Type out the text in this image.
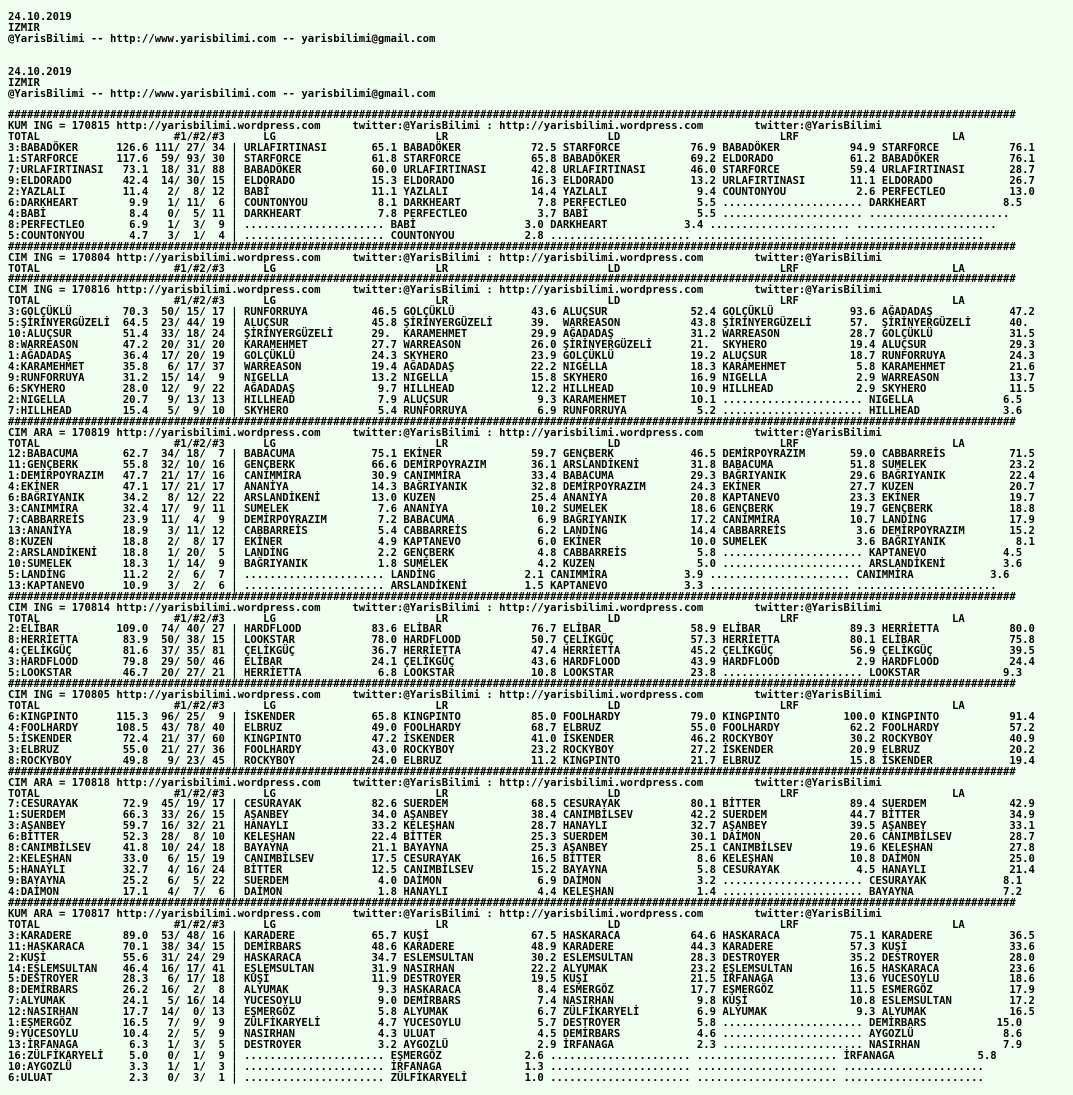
24.10.2019
IZMIR
@YarisBilimi -- http://www.yarisbilimi.com -- yarisbilimi@gmail.com

24.10.2019
IZMIR
@YarisBilimi -- http://www.yarisbilimi.com -- yarisbilimi@gmail.com

##############################################################################################################################################################
KUM ING = 170815 http://yarisbilimi.wordpress.com     twitter:@YarisBilimi : http://yarisbilimi.wordpress.com        twitter:@YarisBilimi
TOTAL                     #1/#2/#3      LG                         LR                         LD                         LRF                        LA
3:BABADÖKER      126.6 111/ 27/ 34 | URLAFIRTINASI       65.1 BABADÖKER           72.5 STARFORCE           76.9 BABADÖKER           94.9 STARFORCE           76.1
1:STARFORCE      117.6  59/ 93/ 30 | STARFORCE           61.8 STARFORCE           65.8 BABADÖKER           69.2 ELDORADO            61.2 BABADÖKER           76.1
7:URLAFIRTINASI   73.1  18/ 31/ 88 | BABADÖKER           60.0 URLAFIRTINASI       42.8 URLAFIRTINASI       46.0 STARFORCE           59.4 URLAFIRTINASI       28.7
9:ELDORADO        42.4  14/ 30/ 15 | ELDORADO            15.3 ELDORADO            16.3 ELDORADO            13.2 URLAFIRTINASI       11.1 ELDORADO            26.7
2:YAZLALI         11.4   2/  8/ 12 | BABİ                11.1 YAZLALI             14.4 YAZLALI              9.4 COUNTONYOU           2.6 PERFECTLEO          13.0
6:DARKHEART        9.9   1/ 11/  6 | COUNTONYOU           8.1 DARKHEART            7.8 PERFECTLEO           5.5 ...................... DARKHEART            8.5
4:BABİ             8.4   0/  5/ 11 | DARKHEART            7.8 PERFECTLEO           3.7 BABİ                 5.5 ...................... ......................
8:PERFECTLEO       6.9   1/  3/  9 | ...................... BABİ                 3.0 DARKHEART            3.4 ...................... ......................
5:COUNTONYOU       4.7   3/  1/  4 | ...................... COUNTONYOU           2.8 ...................... ...................... ......................
##############################################################################################################################################################
CIM ING = 170804 http://yarisbilimi.wordpress.com     twitter:@YarisBilimi : http://yarisbilimi.wordpress.com        twitter:@YarisBilimi
TOTAL                     #1/#2/#3      LG                         LR                         LD                         LRF                        LA
##############################################################################################################################################################
CIM ING = 170816 http://yarisbilimi.wordpress.com     twitter:@YarisBilimi : http://yarisbilimi.wordpress.com        twitter:@YarisBilimi
TOTAL                     #1/#2/#3      LG                         LR                         LD                         LRF                        LA
3:GOLÇÜKLÜ        70.3  50/ 15/ 17 | RUNFORRUYA          46.5 GOLÇÜKLÜ            43.6 ALUÇSUR             52.4 GOLÇÜKLÜ            93.6 AĞADADAŞ            47.2
5:ŞİRİNYERGÜZELİ  64.5  23/ 44/ 19 | ALUÇSUR             45.8 ŞİRİNYERGÜZELİ      39.  WARREASON           43.8 ŞİRİNYERGÜZELİ      57.  ŞİRİNYERGÜZELİ      40.
10:ALUÇSUR        51.4  33/ 18/ 24 | ŞİRİNYERGÜZELİ      29.  KARAMEHMET          29.9 AĞADADAŞ            31.2 WARREASON           28.7 GOLÇÜKLÜ            31.5
8:WARREASON       47.2  20/ 31/ 20 | KARAMEHMET          27.7 WARREASON           26.0 ŞİRİNYERGÜZELİ      21.  SKYHERO             19.4 ALUÇSUR             29.3
1:AĞADADAŞ        36.4  17/ 20/ 19 | GOLÇÜKLÜ            24.3 SKYHERO             23.9 GOLÇÜKLÜ            19.2 ALUÇSUR             18.7 RUNFORRUYA          24.3
4:KARAMEHMET      35.8   6/ 17/ 37 | WARREASON           19.4 AĞADADAŞ            22.2 NIGELLA             18.3 KARAMEHMET           5.8 KARAMEHMET          21.6
9:RUNFORRUYA      31.2  15/ 14/  9 | NIGELLA             13.2 NIGELLA             15.8 SKYHERO             16.9 NIGELLA              2.9 WARREASON           13.7
6:SKYHERO         28.0  12/  9/ 22 | AĞADADAŞ             9.7 HILLHEAD            12.2 HILLHEAD            10.9 HILLHEAD             2.9 SKYHERO             11.5
2:NIGELLA         20.7   9/ 13/ 13 | HILLHEAD             7.9 ALUÇSUR              9.3 KARAMEHMET          10.1 ...................... NIGELLA              6.5
7:HILLHEAD        15.4   5/  9/ 10 | SKYHERO              5.4 RUNFORRUYA           6.9 RUNFORRUYA           5.2 ...................... HILLHEAD             3.6
##############################################################################################################################################################
CIM ARA = 170819 http://yarisbilimi.wordpress.com     twitter:@YarisBilimi : http://yarisbilimi.wordpress.com        twitter:@YarisBilimi
TOTAL                     #1/#2/#3      LG                         LR                         LD                         LRF                        LA
12:BABACUMA       62.7  34/ 18/  7 | BABACUMA            75.1 EKİNER              59.7 GENÇBERK            46.5 DEMİRPOYRAZIM       59.0 CABBARREİS          71.5
11:GENÇBERK       55.8  32/ 10/ 16 | GENÇBERK            66.6 DEMİRPOYRAZIM       36.1 ARSLANDİKENİ        31.8 BABACUMA            51.8 SUMELEK             23.2
1:DEMİRPOYRAZIM   47.7  21/ 17/ 16 | CANIMMİRA           30.9 CANIMMİRA           33.4 BABACUMA            29.3 BAĞRIYANIK          29.6 BAĞRIYANIK          22.4
4:EKİNER          47.1  17/ 21/ 17 | ANANİYA             14.3 BAĞRIYANIK          32.8 DEMİRPOYRAZIM       24.3 EKİNER              27.7 KUZEN               20.7
6:BAĞRIYANIK      34.2   8/ 12/ 22 | ARSLANDİKENİ        13.0 KUZEN               25.4 ANANİYA             20.8 KAPTANEVO           23.3 EKİNER              19.7
3:CANIMMİRA       32.4  17/  9/ 11 | SUMELEK              7.6 ANANİYA             10.2 SUMELEK             18.6 GENÇBERK            19.7 GENÇBERK            18.8
7:CABBARREİS      23.9  11/  4/  9 | DEMİRPOYRAZIM        7.2 BABACUMA             6.9 BAĞRIYANIK          17.2 CANIMMİRA           10.7 LANDİNG             17.9
13:ANANİYA        18.9   3/ 11/ 12 | CABBARREİS           5.4 CABBARREİS           6.2 LANDİNG             14.4 CABBARREİS           3.6 DEMİRPOYRAZIM       15.2
8:KUZEN           18.8   2/  8/ 17 | EKİNER               4.9 KAPTANEVO            6.0 EKİNER              10.0 SUMELEK              3.6 BAĞRIYANIK           8.1
2:ARSLANDİKENİ    18.8   1/ 20/  5 | LANDİNG              2.2 GENÇBERK             4.8 CABBARREİS           5.8 ...................... KAPTANEVO            4.5
10:SUMELEK        18.3   1/ 14/  9 | BAĞRIYANIK           1.8 SUMELEK              4.2 KUZEN                5.0 ...................... ARSLANDİKENİ         3.6
5:LANDİNG         11.2   2/  6/  7 | ...................... LANDİNG              2.1 CANIMMİRA            3.9 ...................... CANIMMİRA            3.6
13:KAPTANEVO      10.9   3/  2/  6 | ...................... ARSLANDİKENİ         1.5 KAPTANEVO            3.3 ...................... ......................
##############################################################################################################################################################
CIM ING = 170814 http://yarisbilimi.wordpress.com     twitter:@YarisBilimi : http://yarisbilimi.wordpress.com        twitter:@YarisBilimi
TOTAL                     #1/#2/#3      LG                         LR                         LD                         LRF                        LA
2:ELİBAR         109.0  74/ 40/ 27 | HARDFLOOD           83.6 ELİBAR              76.7 ELİBAR              58.9 ELİBAR              89.3 HERRİETTA           80.0
8:HERRİETTA       83.9  50/ 38/ 15 | LOOKSTAR            78.0 HARDFLOOD           50.7 ÇELİKGÜÇ            57.3 HERRİETTA           80.1 ELİBAR              75.8
4:ÇELİKGÜÇ        81.6  37/ 35/ 81 | ÇELİKGÜÇ            36.7 HERRİETTA           47.4 HERRİETTA           45.2 ÇELİKGÜÇ            56.9 ÇELİKGÜÇ            39.5
3:HARDFLOOD       79.8  29/ 50/ 46 | ELİBAR              24.1 ÇELİKGÜÇ            43.6 HARDFLOOD           43.9 HARDFLOOD            2.9 HARDFLOOD           24.4
5:LOOKSTAR        46.7  20/ 27/ 21 | HERRİETTA            6.8 LOOKSTAR            10.8 LOOKSTAR            23.8 ...................... LOOKSTAR             9.3
##############################################################################################################################################################
CIM ING = 170805 http://yarisbilimi.wordpress.com     twitter:@YarisBilimi : http://yarisbilimi.wordpress.com        twitter:@YarisBilimi
TOTAL                     #1/#2/#3      LG                         LR                         LD                         LRF                        LA
6:KINGPINTO      115.3  96/ 25/  9 | İSKENDER            65.8 KINGPINTO           85.0 FOOLHARDY           79.0 KINGPINTO          100.0 KINGPINTO           91.4
4:FOOLHARDY      108.5  43/ 78/ 40 | ELBRUZ              49.0 FOOLHARDY           68.7 ELBRUZ              55.0 FOOLHARDY           62.2 FOOLHARDY           57.2
5:İSKENDER        72.4  21/ 37/ 60 | KINGPINTO           47.2 İSKENDER            41.0 İSKENDER            46.2 ROCKYBOY            30.2 ROCKYBOY            40.9
3:ELBRUZ          55.0  21/ 27/ 36 | FOOLHARDY           43.0 ROCKYBOY            23.2 ROCKYBOY            27.2 İSKENDER            20.9 ELBRUZ              20.2
8:ROCKYBOY        49.8   9/ 23/ 45 | ROCKYBOY            24.0 ELBRUZ              11.2 KINGPINTO           21.7 ELBRUZ              15.8 İSKENDER            19.4
##############################################################################################################################################################
CIM ARA = 170818 http://yarisbilimi.wordpress.com     twitter:@YarisBilimi : http://yarisbilimi.wordpress.com        twitter:@YarisBilimi
TOTAL                     #1/#2/#3      LG                         LR                         LD                         LRF                        LA
7:CESURAYAK       72.9  45/ 19/ 17 | CESURAYAK           82.6 SUERDEM             68.5 CESURAYAK           80.1 BİTTER              89.4 SUERDEM             42.9
1:SUERDEM         66.3  33/ 26/ 15 | AŞANBEY             34.0 AŞANBEY             38.4 CANIMBİLSEV         42.2 SUERDEM             44.7 BİTTER              34.9
3:AŞANBEY         59.7  16/ 32/ 21 | HANAYLI             33.2 KELEŞHAN            28.7 HANAYLI             32.7 AŞANBEY             39.5 AŞANBEY             33.1
6:BİTTER          52.3  28/  8/ 10 | KELEŞHAN            22.4 BİTTER              25.3 SUERDEM             30.1 DAİMON              20.6 CANIMBİLSEV         28.7
8:CANIMBİLSEV     41.8  10/ 24/ 18 | BAYAYNA             21.1 BAYAYNA             25.3 AŞANBEY             25.1 CANIMBİLSEV         19.6 KELEŞHAN            27.8
2:KELEŞHAN        33.0   6/ 15/ 19 | CANIMBİLSEV         17.5 CESURAYAK           16.5 BİTTER               8.6 KELEŞHAN            10.8 DAİMON              25.0
5:HANAYLI         32.7   4/ 16/ 24 | BİTTER              12.5 CANIMBİLSEV         15.2 BAYAYNA              5.8 CESURAYAK            4.5 HANAYLI             21.4
9:BAYAYNA         25.2   6/  5/ 22 | SUERDEM              4.0 DAİMON               6.9 DAİMON               3.2 ...................... CESURAYAK            8.1
4:DAİMON          17.1   4/  7/  6 | DAİMON               1.8 HANAYLI              4.4 KELEŞHAN             1.4 ...................... BAYAYNA              7.2
##############################################################################################################################################################
KUM ARA = 170817 http://yarisbilimi.wordpress.com     twitter:@YarisBilimi : http://yarisbilimi.wordpress.com        twitter:@YarisBilimi
TOTAL                     #1/#2/#3      LG                         LR                         LD                         LRF                        LA
3:KARADERE        89.0  53/ 48/ 16 | KARADERE            65.7 KUŞİ                67.5 HASKARACA           64.6 HASKARACA           75.1 KARADERE            36.5
11:HASKARACA      70.1  38/ 34/ 15 | DEMİRBARS           48.6 KARADERE            48.9 KARADERE            44.3 KARADERE            57.3 KUŞİ                33.6
2:KUŞİ            55.6  31/ 24/ 29 | HASKARACA           34.7 ESLEMSULTAN         30.2 ESLEMSULTAN         28.3 DESTROYER           35.2 DESTROYER           28.0
14:EŞLEMSULTAN    46.4  16/ 17/ 41 | EŞLEMSULTAN         31.9 NASIRHAN            22.2 ALYUMAK             23.2 EŞLEMSULTAN         16.5 HASKARACA           23.6
5:DESTROYER       28.3   6/ 17/ 18 | KUŞİ                11.9 DESTROYER           19.5 KUŞİ                21.5 İRFANAGA            13.6 YUCESOYLU           18.6
8:DEMİRBARS       26.2  16/  2/  8 | ALYUMAK              9.3 HASKARACA            8.4 ESMERGÖZ            17.7 EŞMERGÖZ            11.5 ESMERGÖZ            17.9
7:ALYUMAK         24.1   5/ 16/ 14 | YUCESOYLU            9.0 DEMİRBARS            7.4 NASIRHAN             9.8 KUŞİ                10.8 ESLEMSULTAN         17.2
12:NASIRHAN       17.7  14/  0/ 13 | EŞMERGÖZ             5.8 ALYUMAK              6.7 ZÜLFİKARYELİ         6.9 ALYUMAK              9.3 ALYUMAK             16.5
1:EŞMERGÖZ        16.5   7/  9/  9 | ZÜLFİKARYELİ         4.7 YUCESOYLU            5.7 DESTROYER            5.8 ...................... DEMİRBARS           15.0
9:YUCESOYLU       10.4   2/  5/  9 | NASIRHAN             4.3 ULUAT                4.5 DEMİRBARS            4.6 ...................... AYGOZLÜ              8.6
13:İRFANAGA        6.3   1/  3/  5 | DESTROYER            3.2 AYGOZLÜ              2.9 İRFANAGA             2.3 ...................... NASIRHAN             7.9
16:ZÜLFİKARYELİ    5.0   0/  1/  9 | ...................... EŞMERGÖZ             2.6 ...................... ...................... İRFANAGA             5.8
10:AYGOZLÜ         3.3   1/  1/  3 | ...................... İRFANAGA             1.3 ...................... ...................... ......................
6:ULUAT            2.3   0/  3/  1 | ...................... ZÜLFİKARYELİ         1.0 ...................... ...................... ......................
